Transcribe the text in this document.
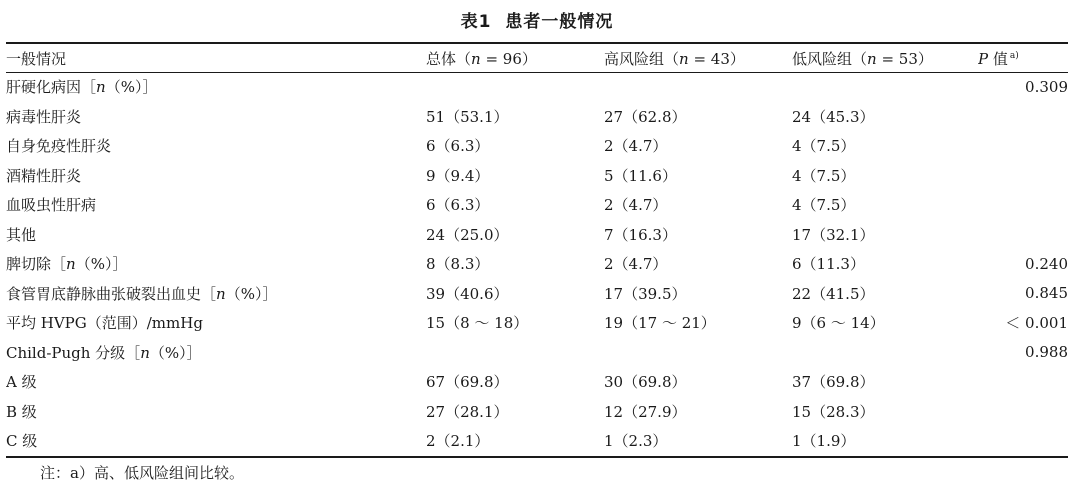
表1 患者一般情况
一般情况	总体（n = 96）	高风险组（n = 43）	低风险组（n = 53）	P 值 $^{a)}$
肝硬化病因［n（%）］				0.309
病毒性肝炎	51（53.1）	27（62.8）	24（45.3）	
自身免疫性肝炎	6（6.3）	2（4.7）	4（7.5）	
酒精性肝炎	9（9.4）	5（11.6）	4（7.5）	
血吸虫性肝病	6（6.3）	2（4.7）	4（7.5）	
其他	24（25.0）	7（16.3）	17（32.1）	
脾切除［n（%）］	8（8.3）	2（4.7）	6（11.3）	0.240
食管胃底静脉曲张破裂出血史［n（%）］	39（40.6）	17（39.5）	22（41.5）	0.845
平均 HVPG（范围）/mmHg	15（8 ～ 18）	19（17 ～ 21）	9（6 ～ 14）	＜ 0.001
Child-Pugh 分级［n（%）］				0.988
A 级	67（69.8）	30（69.8）	37（69.8）	
B 级	27（28.1）	12（27.9）	15（28.3）	
C 级	2（2.1）	1（2.3）	1（1.9）	
注：a）高、低风险组间比较。
